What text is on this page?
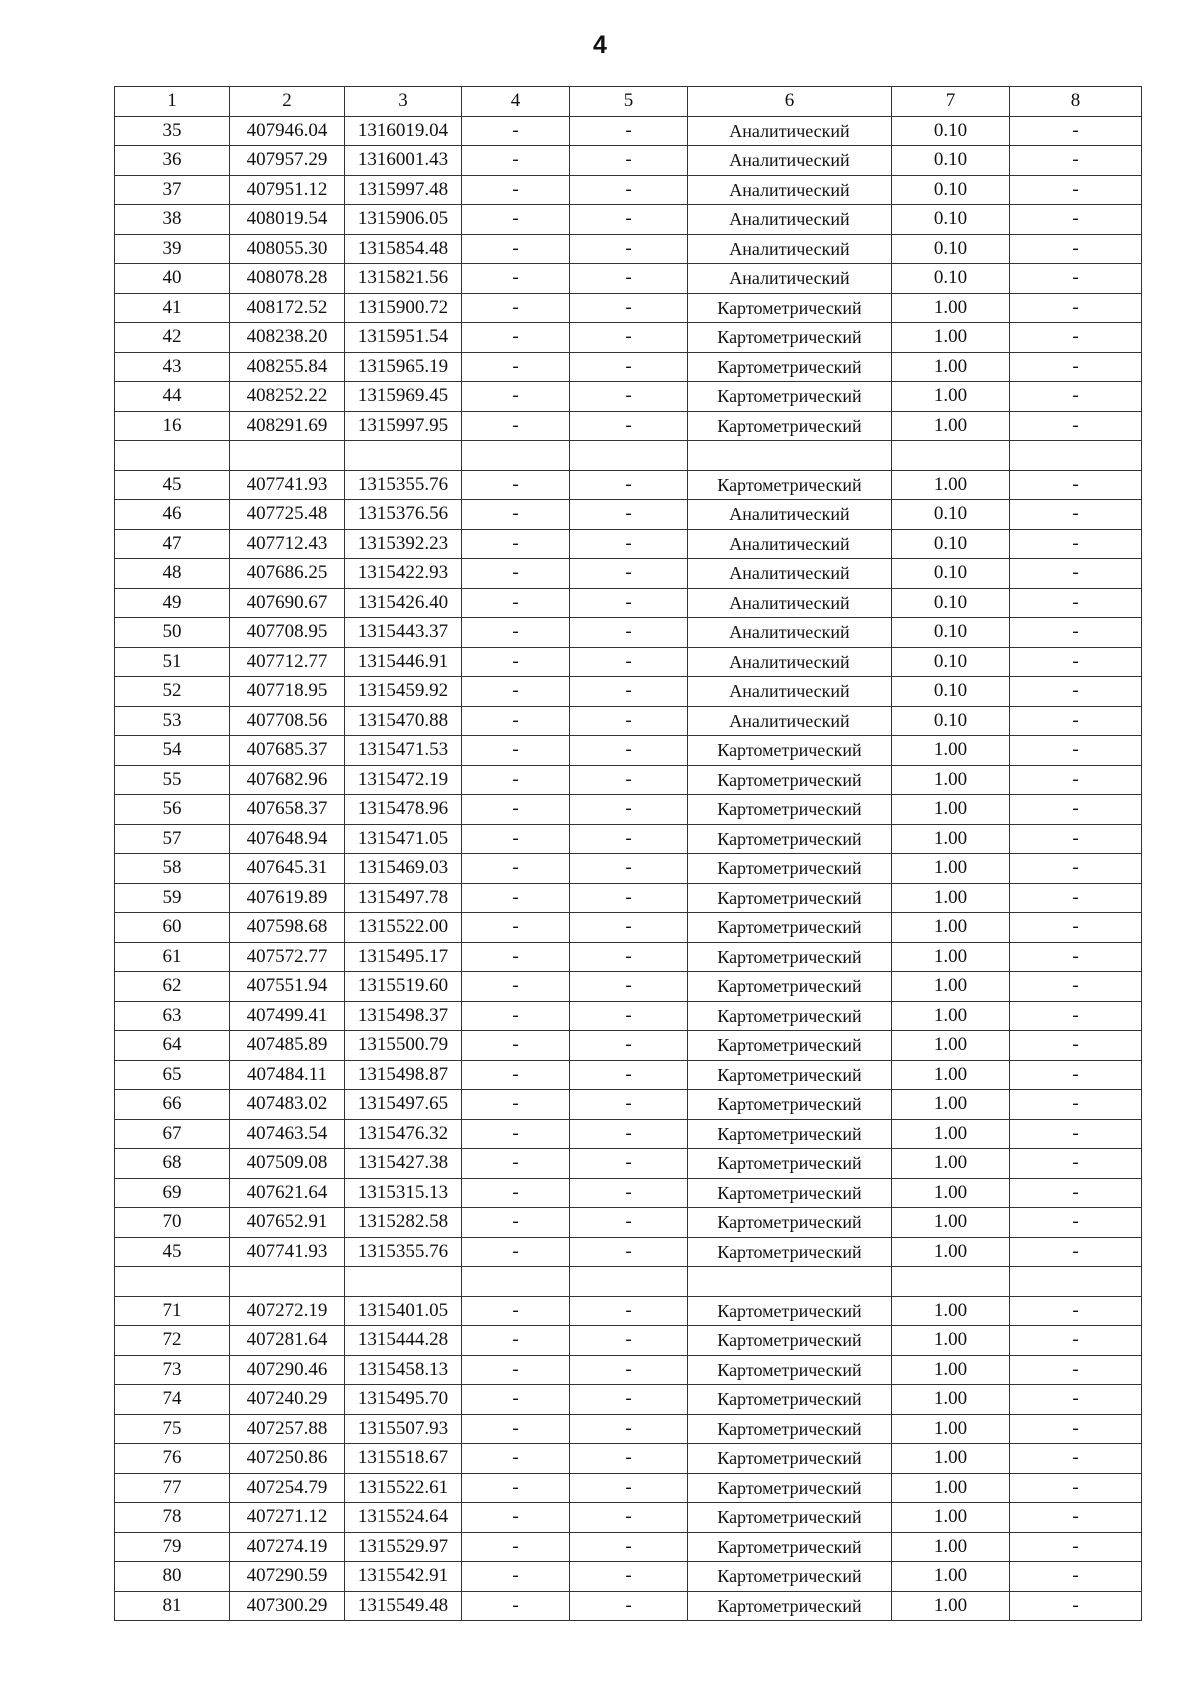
4
1	2	3	4	5	6	7	8
35	407946.04	1316019.04	-	-	Аналитический	0.10	-
36	407957.29	1316001.43	-	-	Аналитический	0.10	-
37	407951.12	1315997.48	-	-	Аналитический	0.10	-
38	408019.54	1315906.05	-	-	Аналитический	0.10	-
39	408055.30	1315854.48	-	-	Аналитический	0.10	-
40	408078.28	1315821.56	-	-	Аналитический	0.10	-
41	408172.52	1315900.72	-	-	Картометрический	1.00	-
42	408238.20	1315951.54	-	-	Картометрический	1.00	-
43	408255.84	1315965.19	-	-	Картометрический	1.00	-
44	408252.22	1315969.45	-	-	Картометрический	1.00	-
16	408291.69	1315997.95	-	-	Картометрический	1.00	-

45	407741.93	1315355.76	-	-	Картометрический	1.00	-
46	407725.48	1315376.56	-	-	Аналитический	0.10	-
47	407712.43	1315392.23	-	-	Аналитический	0.10	-
48	407686.25	1315422.93	-	-	Аналитический	0.10	-
49	407690.67	1315426.40	-	-	Аналитический	0.10	-
50	407708.95	1315443.37	-	-	Аналитический	0.10	-
51	407712.77	1315446.91	-	-	Аналитический	0.10	-
52	407718.95	1315459.92	-	-	Аналитический	0.10	-
53	407708.56	1315470.88	-	-	Аналитический	0.10	-
54	407685.37	1315471.53	-	-	Картометрический	1.00	-
55	407682.96	1315472.19	-	-	Картометрический	1.00	-
56	407658.37	1315478.96	-	-	Картометрический	1.00	-
57	407648.94	1315471.05	-	-	Картометрический	1.00	-
58	407645.31	1315469.03	-	-	Картометрический	1.00	-
59	407619.89	1315497.78	-	-	Картометрический	1.00	-
60	407598.68	1315522.00	-	-	Картометрический	1.00	-
61	407572.77	1315495.17	-	-	Картометрический	1.00	-
62	407551.94	1315519.60	-	-	Картометрический	1.00	-
63	407499.41	1315498.37	-	-	Картометрический	1.00	-
64	407485.89	1315500.79	-	-	Картометрический	1.00	-
65	407484.11	1315498.87	-	-	Картометрический	1.00	-
66	407483.02	1315497.65	-	-	Картометрический	1.00	-
67	407463.54	1315476.32	-	-	Картометрический	1.00	-
68	407509.08	1315427.38	-	-	Картометрический	1.00	-
69	407621.64	1315315.13	-	-	Картометрический	1.00	-
70	407652.91	1315282.58	-	-	Картометрический	1.00	-
45	407741.93	1315355.76	-	-	Картометрический	1.00	-

71	407272.19	1315401.05	-	-	Картометрический	1.00	-
72	407281.64	1315444.28	-	-	Картометрический	1.00	-
73	407290.46	1315458.13	-	-	Картометрический	1.00	-
74	407240.29	1315495.70	-	-	Картометрический	1.00	-
75	407257.88	1315507.93	-	-	Картометрический	1.00	-
76	407250.86	1315518.67	-	-	Картометрический	1.00	-
77	407254.79	1315522.61	-	-	Картометрический	1.00	-
78	407271.12	1315524.64	-	-	Картометрический	1.00	-
79	407274.19	1315529.97	-	-	Картометрический	1.00	-
80	407290.59	1315542.91	-	-	Картометрический	1.00	-
81	407300.29	1315549.48	-	-	Картометрический	1.00	-
